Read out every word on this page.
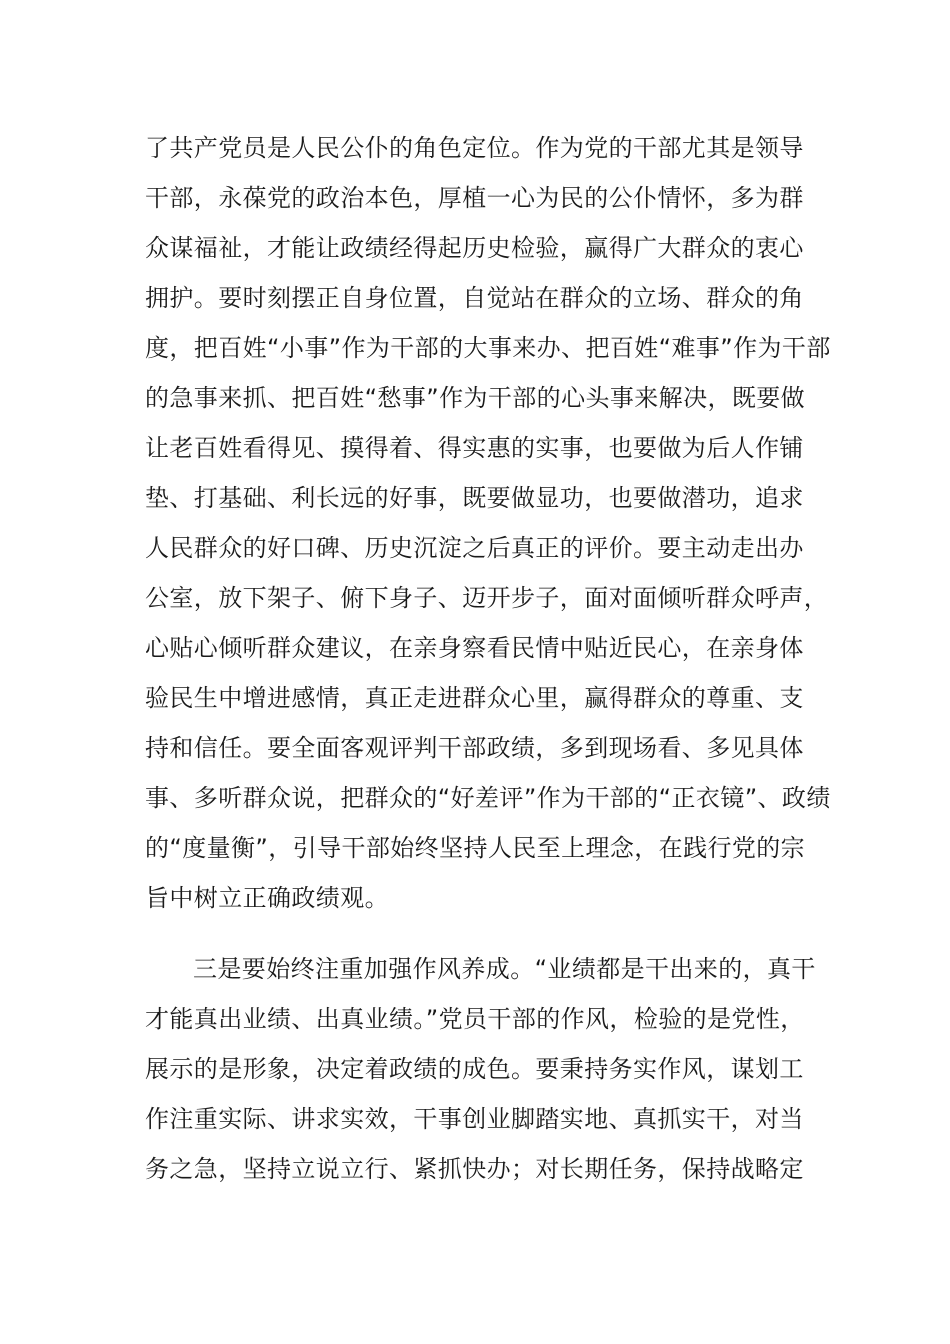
了共产党员是人民公仆的角色定位。作为党的干部尤其是领导
干部，永葆党的政治本色，厚植一心为民的公仆情怀，多为群
众谋福祉，才能让政绩经得起历史检验，赢得广大群众的衷心
拥护。要时刻摆正自身位置，自觉站在群众的立场、群众的角
度，把百姓“小事”作为干部的大事来办、把百姓“难事”作为干部
的急事来抓、把百姓“愁事”作为干部的心头事来解决，既要做
让老百姓看得见、摸得着、得实惠的实事，也要做为后人作铺
垫、打基础、利长远的好事，既要做显功，也要做潜功，追求
人民群众的好口碑、历史沉淀之后真正的评价。要主动走出办
公室，放下架子、俯下身子、迈开步子，面对面倾听群众呼声，
心贴心倾听群众建议，在亲身察看民情中贴近民心，在亲身体
验民生中增进感情，真正走进群众心里，赢得群众的尊重、支
持和信任。要全面客观评判干部政绩，多到现场看、多见具体
事、多听群众说，把群众的“好差评”作为干部的“正衣镜”、政绩
的“度量衡”，引导干部始终坚持人民至上理念，在践行党的宗
旨中树立正确政绩观。
三是要始终注重加强作风养成。“业绩都是干出来的，真干
才能真出业绩、出真业绩。”党员干部的作风，检验的是党性，
展示的是形象，决定着政绩的成色。要秉持务实作风，谋划工
作注重实际、讲求实效，干事创业脚踏实地、真抓实干，对当
务之急，坚持立说立行、紧抓快办；对长期任务，保持战略定
